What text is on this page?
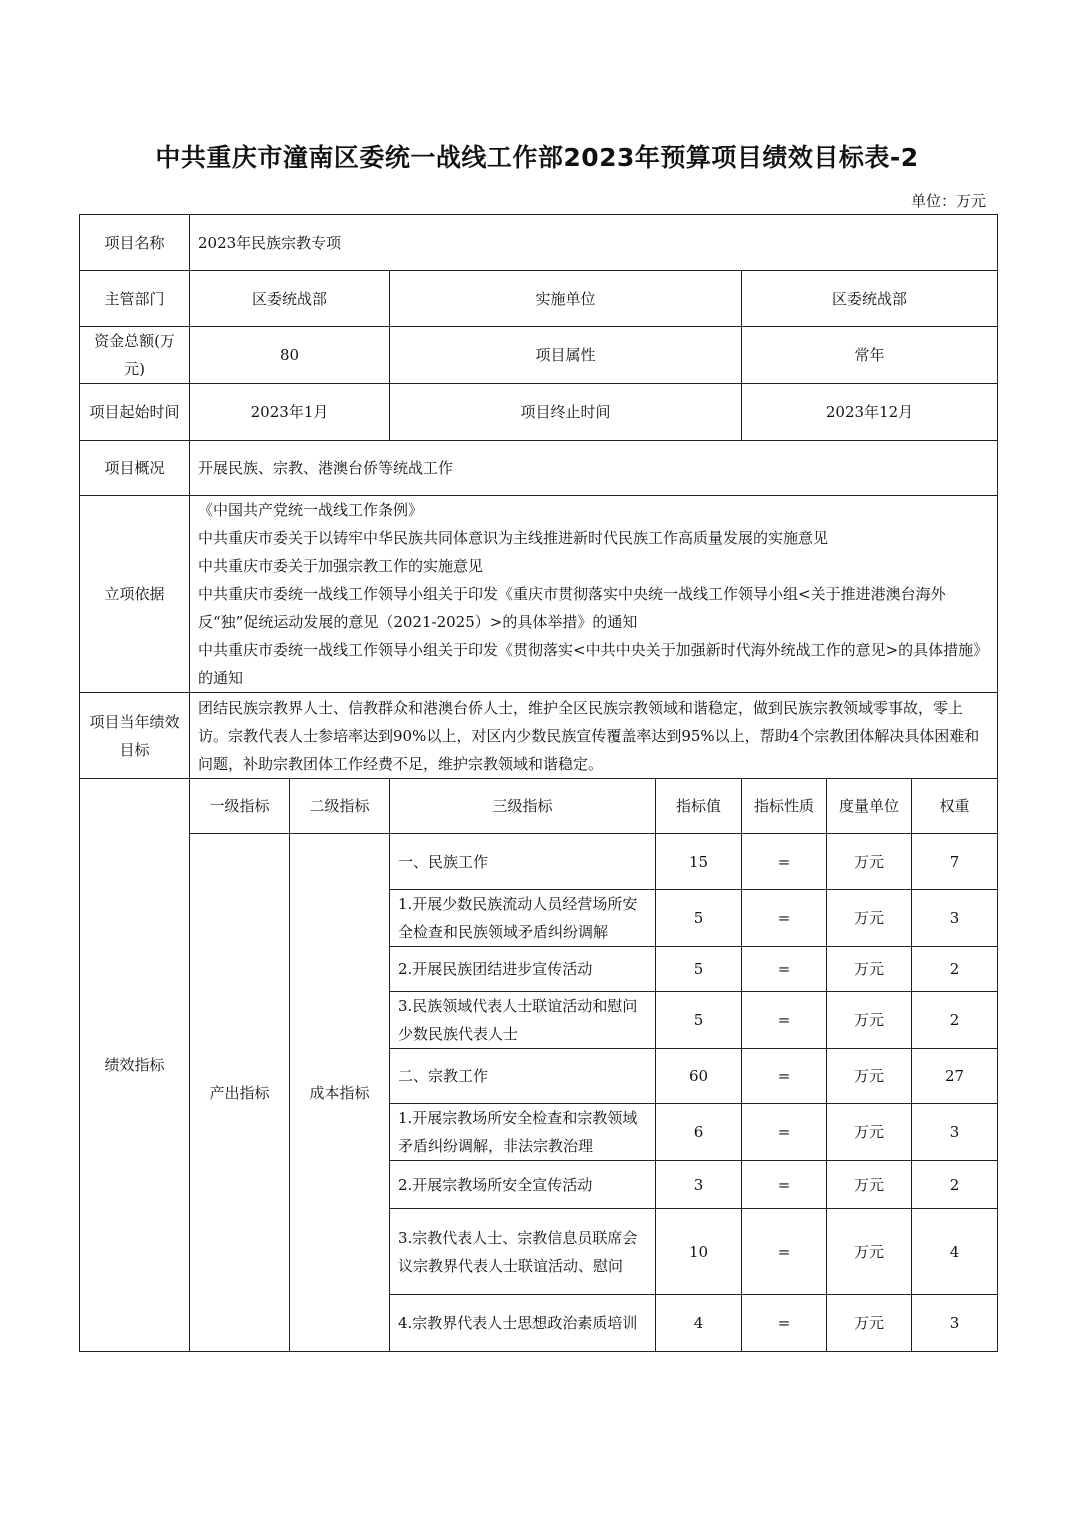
中共重庆市潼南区委统一战线工作部2023年预算项目绩效目标表-2
单位：万元
项目名称	2023年民族宗教专项						
主管部门	区委统战部		实施单位		区委统战部		
资金总额(万元)	80		项目属性		常年		
项目起始时间	2023年1月		项目终止时间		2023年12月		
项目概况	开展民族、宗教、港澳台侨等统战工作						
立项依据	《中国共产党统一战线工作条例》
中共重庆市委关于以铸牢中华民族共同体意识为主线推进新时代民族工作高质量发展的实施意见
中共重庆市委关于加强宗教工作的实施意见
中共重庆市委统一战线工作领导小组关于印发《重庆市贯彻落实中央统一战线工作领导小组<关于推进港澳台海外反“独”促统运动发展的意见（2021-2025）>的具体举措》的通知
中共重庆市委统一战线工作领导小组关于印发《贯彻落实<中共中央关于加强新时代海外统战工作的意见>的具体措施》的通知						

项目当年绩效目标	团结民族宗教界人士、信教群众和港澳台侨人士，维护全区民族宗教领域和谐稳定，做到民族宗教领域零事故，零上访。宗教代表人士参培率达到90%以上，对区内少数民族宣传覆盖率达到95%以上，帮助4个宗教团体解决具体困难和问题，补助宗教团体工作经费不足，维护宗教领域和谐稳定。						
绩效指标	一级指标	二级指标	三级指标	指标值	指标性质	度量单位	权重
	产出指标	成本指标	一、民族工作	15	=	万元	7
			1.开展少数民族流动人员经营场所安全检查和民族领域矛盾纠纷调解	5	=	万元	3
			2.开展民族团结进步宣传活动	5	=	万元	2
			3.民族领域代表人士联谊活动和慰问少数民族代表人士	5	=	万元	2
			二、宗教工作	60	=	万元	27
			1.开展宗教场所安全检查和宗教领域矛盾纠纷调解，非法宗教治理	6	=	万元	3
			2.开展宗教场所安全宣传活动	3	=	万元	2
			3.宗教代表人士、宗教信息员联席会议宗教界代表人士联谊活动、慰问	10	=	万元	4
			4.宗教界代表人士思想政治素质培训	4	=	万元	3
